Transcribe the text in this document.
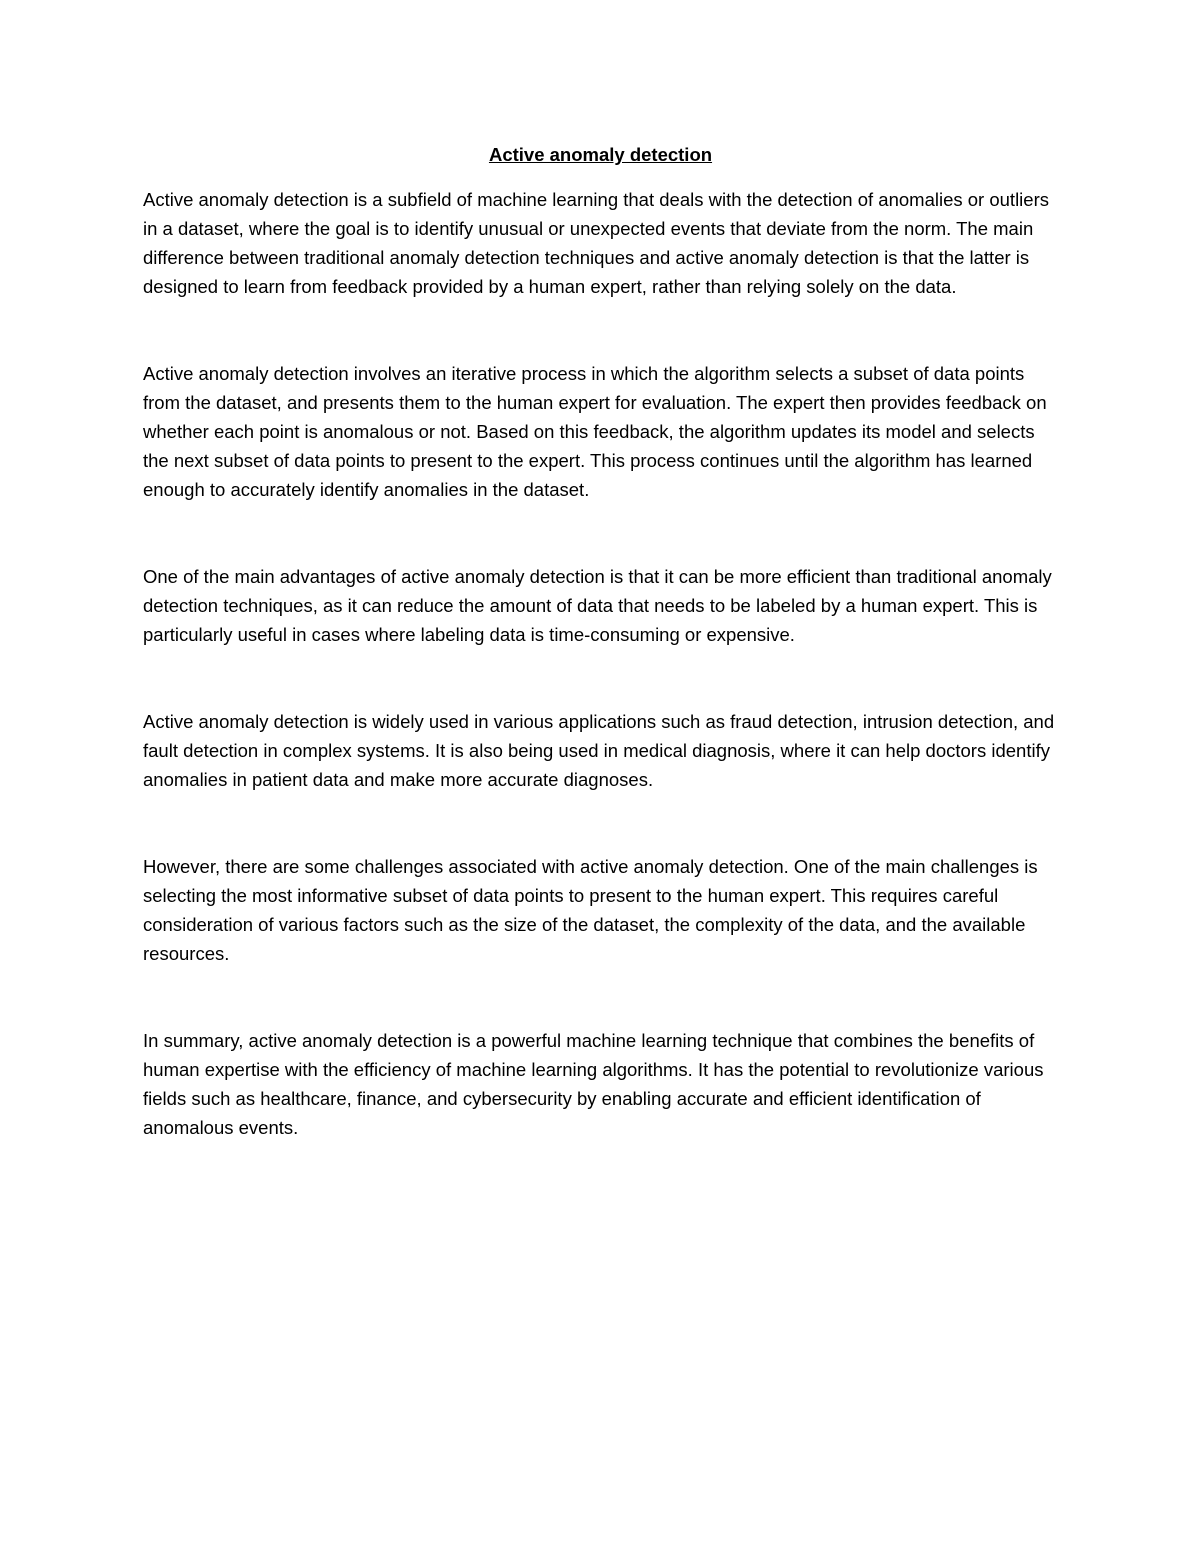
Active anomaly detection

Active anomaly detection is a subfield of machine learning that deals with the detection of anomalies or outliers in a dataset, where the goal is to identify unusual or unexpected events that deviate from the norm. The main difference between traditional anomaly detection techniques and active anomaly detection is that the latter is designed to learn from feedback provided by a human expert, rather than relying solely on the data.

Active anomaly detection involves an iterative process in which the algorithm selects a subset of data points from the dataset, and presents them to the human expert for evaluation. The expert then provides feedback on whether each point is anomalous or not. Based on this feedback, the algorithm updates its model and selects the next subset of data points to present to the expert. This process continues until the algorithm has learned enough to accurately identify anomalies in the dataset.

One of the main advantages of active anomaly detection is that it can be more efficient than traditional anomaly detection techniques, as it can reduce the amount of data that needs to be labeled by a human expert. This is particularly useful in cases where labeling data is time-consuming or expensive.

Active anomaly detection is widely used in various applications such as fraud detection, intrusion detection, and fault detection in complex systems. It is also being used in medical diagnosis, where it can help doctors identify anomalies in patient data and make more accurate diagnoses.

However, there are some challenges associated with active anomaly detection. One of the main challenges is selecting the most informative subset of data points to present to the human expert. This requires careful consideration of various factors such as the size of the dataset, the complexity of the data, and the available resources.

In summary, active anomaly detection is a powerful machine learning technique that combines the benefits of human expertise with the efficiency of machine learning algorithms. It has the potential to revolutionize various fields such as healthcare, finance, and cybersecurity by enabling accurate and efficient identification of anomalous events.
